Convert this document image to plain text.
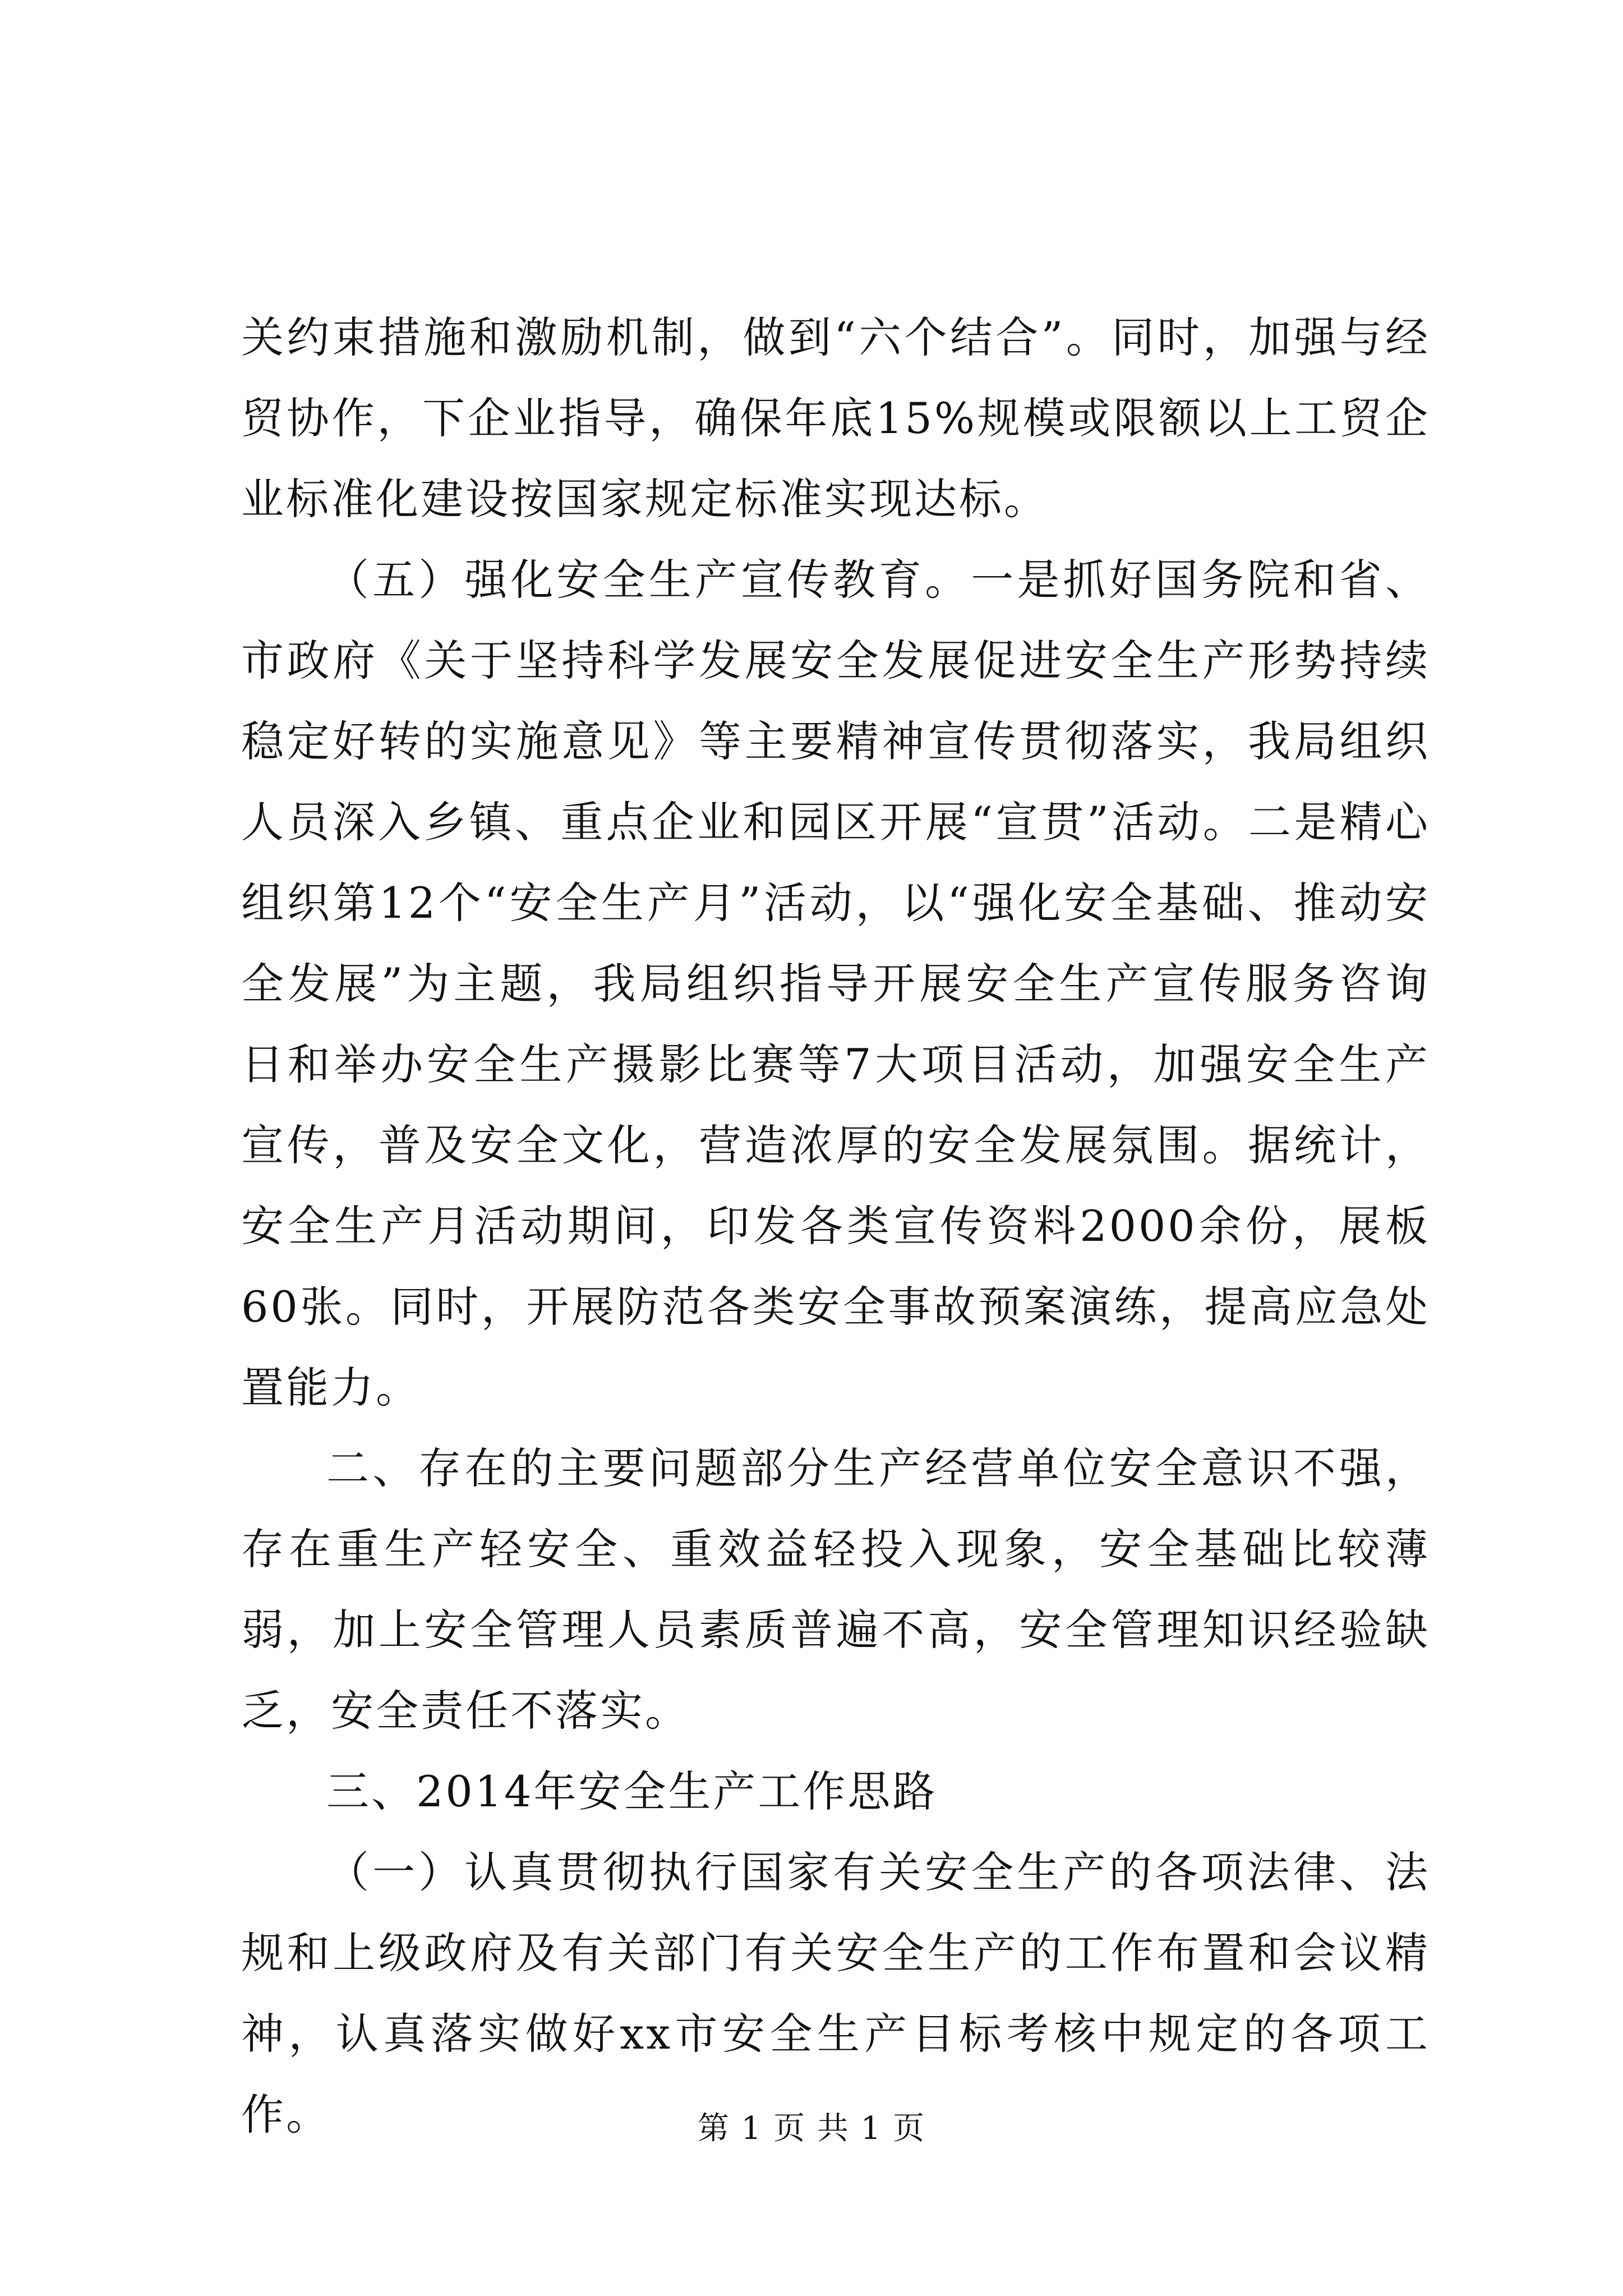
关约束措施和激励机制，做到“六个结合”。同时，加强与经贸协作，下企业指导，确保年底15%规模或限额以上工贸企业标准化建设按国家规定标准实现达标。

（五）强化安全生产宣传教育。一是抓好国务院和省、市政府《关于坚持科学发展安全发展促进安全生产形势持续稳定好转的实施意见》等主要精神宣传贯彻落实，我局组织人员深入乡镇、重点企业和园区开展“宣贯”活动。二是精心组织第12个“安全生产月”活动，以“强化安全基础、推动安全发展”为主题，我局组织指导开展安全生产宣传服务咨询日和举办安全生产摄影比赛等7大项目活动，加强安全生产宣传，普及安全文化，营造浓厚的安全发展氛围。据统计，安全生产月活动期间，印发各类宣传资料2000余份，展板60张。同时，开展防范各类安全事故预案演练，提高应急处置能力。

二、存在的主要问题部分生产经营单位安全意识不强，存在重生产轻安全、重效益轻投入现象，安全基础比较薄弱，加上安全管理人员素质普遍不高，安全管理知识经验缺乏，安全责任不落实。

三、2014年安全生产工作思路

（一）认真贯彻执行国家有关安全生产的各项法律、法规和上级政府及有关部门有关安全生产的工作布置和会议精神，认真落实做好xx市安全生产目标考核中规定的各项工作。	第 1 页 共 1 页
